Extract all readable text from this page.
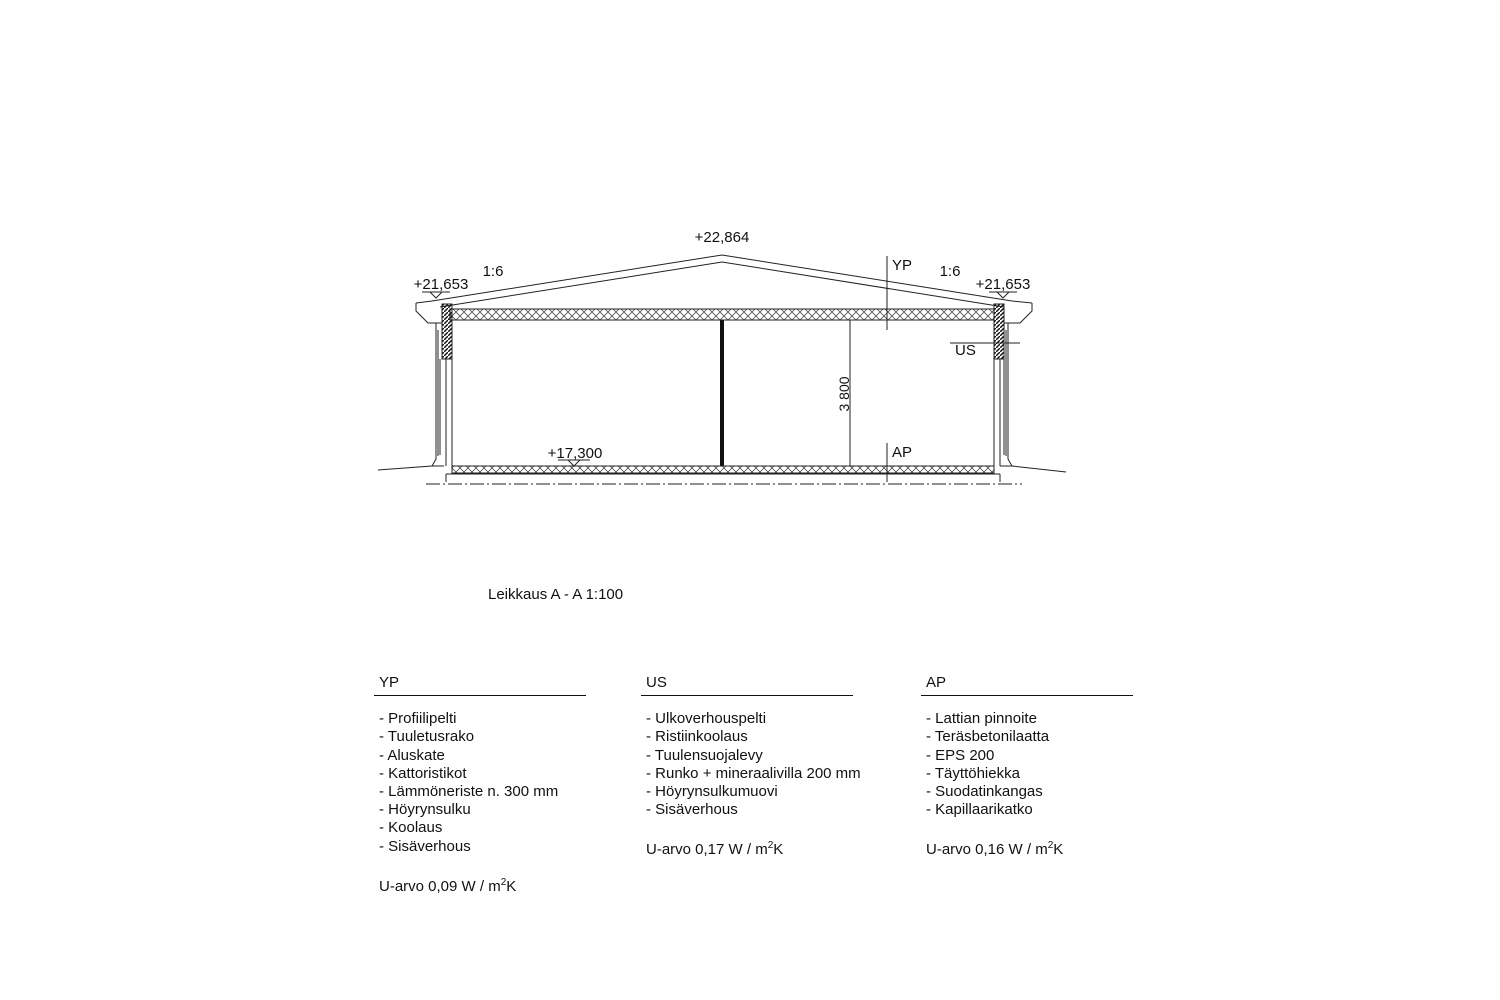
3 800
+22,864
+21,653	+21,653
+17,300
1:6	1:6
YP
US
AP
Leikkaus A - A 1:100
YP
- Profiilipelti
- Tuuletusrako
- Aluskate
- Kattoristikot
- Lämmöneriste n. 300 mm
- Höyrynsulku
- Koolaus
- Sisäverhous
U-arvo 0,09 W / $m^2K$
US
- Ulkoverhouspelti
- Ristiinkoolaus
- Tuulensuojalevy
- Runko + mineraalivilla 200 mm
- Höyrynsulkumuovi
- Sisäverhous
U-arvo 0,17 W / $m^2K$
AP
- Lattian pinnoite
- Teräsbetonilaatta
- EPS 200
- Täyttöhiekka
- Suodatinkangas
- Kapillaarikatko
U-arvo 0,16 W / $m^2K$
